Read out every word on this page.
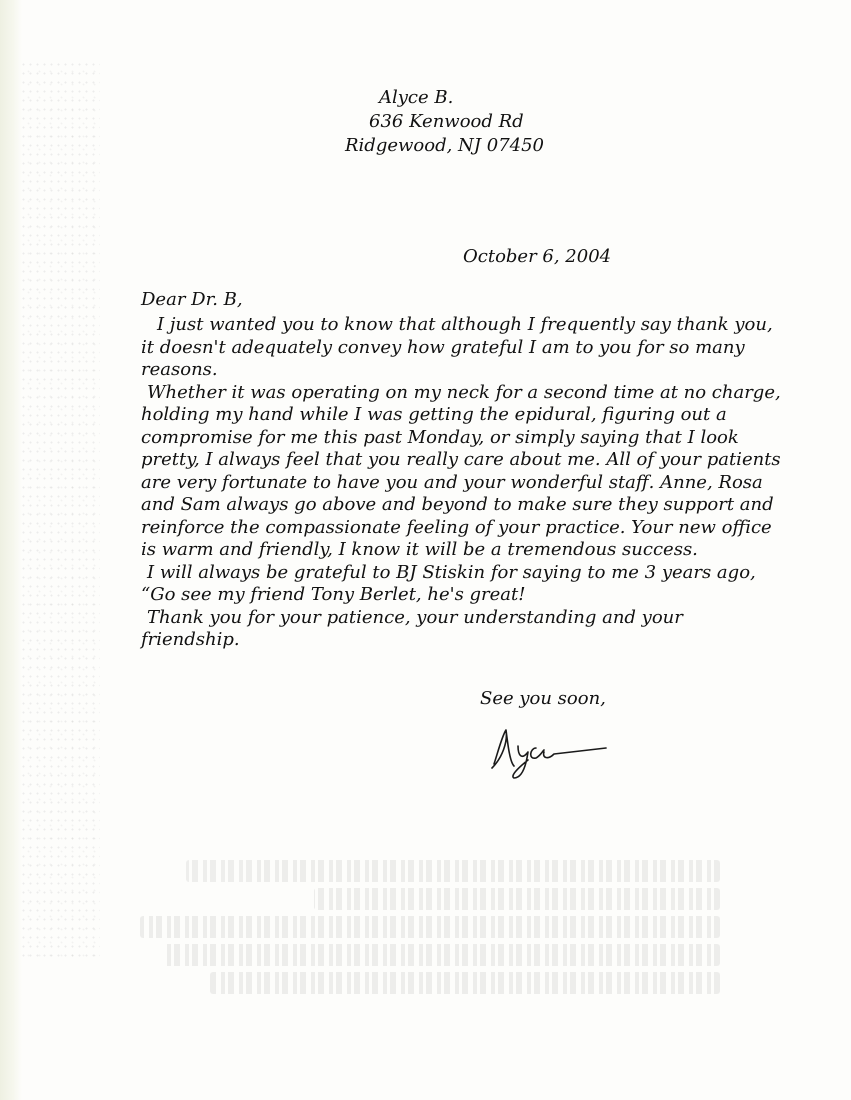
Alyce B.
636 Kenwood Rd
Ridgewood, NJ 07450
October 6, 2004
Dear Dr. B,

I just wanted you to know that although I frequently say thank you, it doesn't adequately convey how grateful I am to you for so many reasons.

Whether it was operating on my neck for a second time at no charge, holding my hand while I was getting the epidural, figuring out a compromise for me this past Monday, or simply saying that I look pretty, I always feel that you really care about me. All of your patients are very fortunate to have you and your wonderful staff. Anne, Rosa and Sam always go above and beyond to make sure they support and reinforce the compassionate feeling of your practice. Your new office is warm and friendly, I know it will be a tremendous success.

I will always be grateful to BJ Stiskin for saying to me 3 years ago, “Go see my friend Tony Berlet, he's great!

Thank you for your patience, your understanding and your friendship.

See you soon,
